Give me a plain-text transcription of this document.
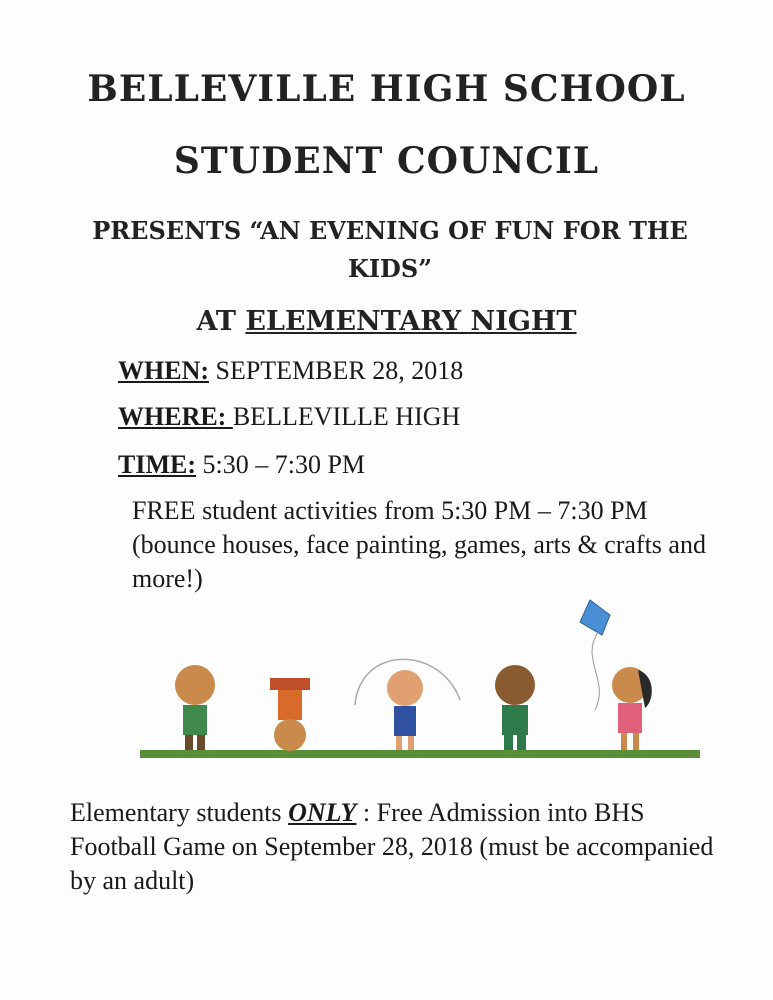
BELLEVILLE HIGH SCHOOL
STUDENT COUNCIL
PRESENTS “AN EVENING OF FUN FOR THE KIDS”
AT ELEMENTARY NIGHT
WHEN: SEPTEMBER 28, 2018
WHERE: BELLEVILLE HIGH
TIME: 5:30 – 7:30 PM
FREE student activities from 5:30 PM – 7:30 PM (bounce houses, face painting, games, arts & crafts and more!)
Elementary students ONLY : Free Admission into BHS Football Game on September 28, 2018 (must be accompanied by an adult)
